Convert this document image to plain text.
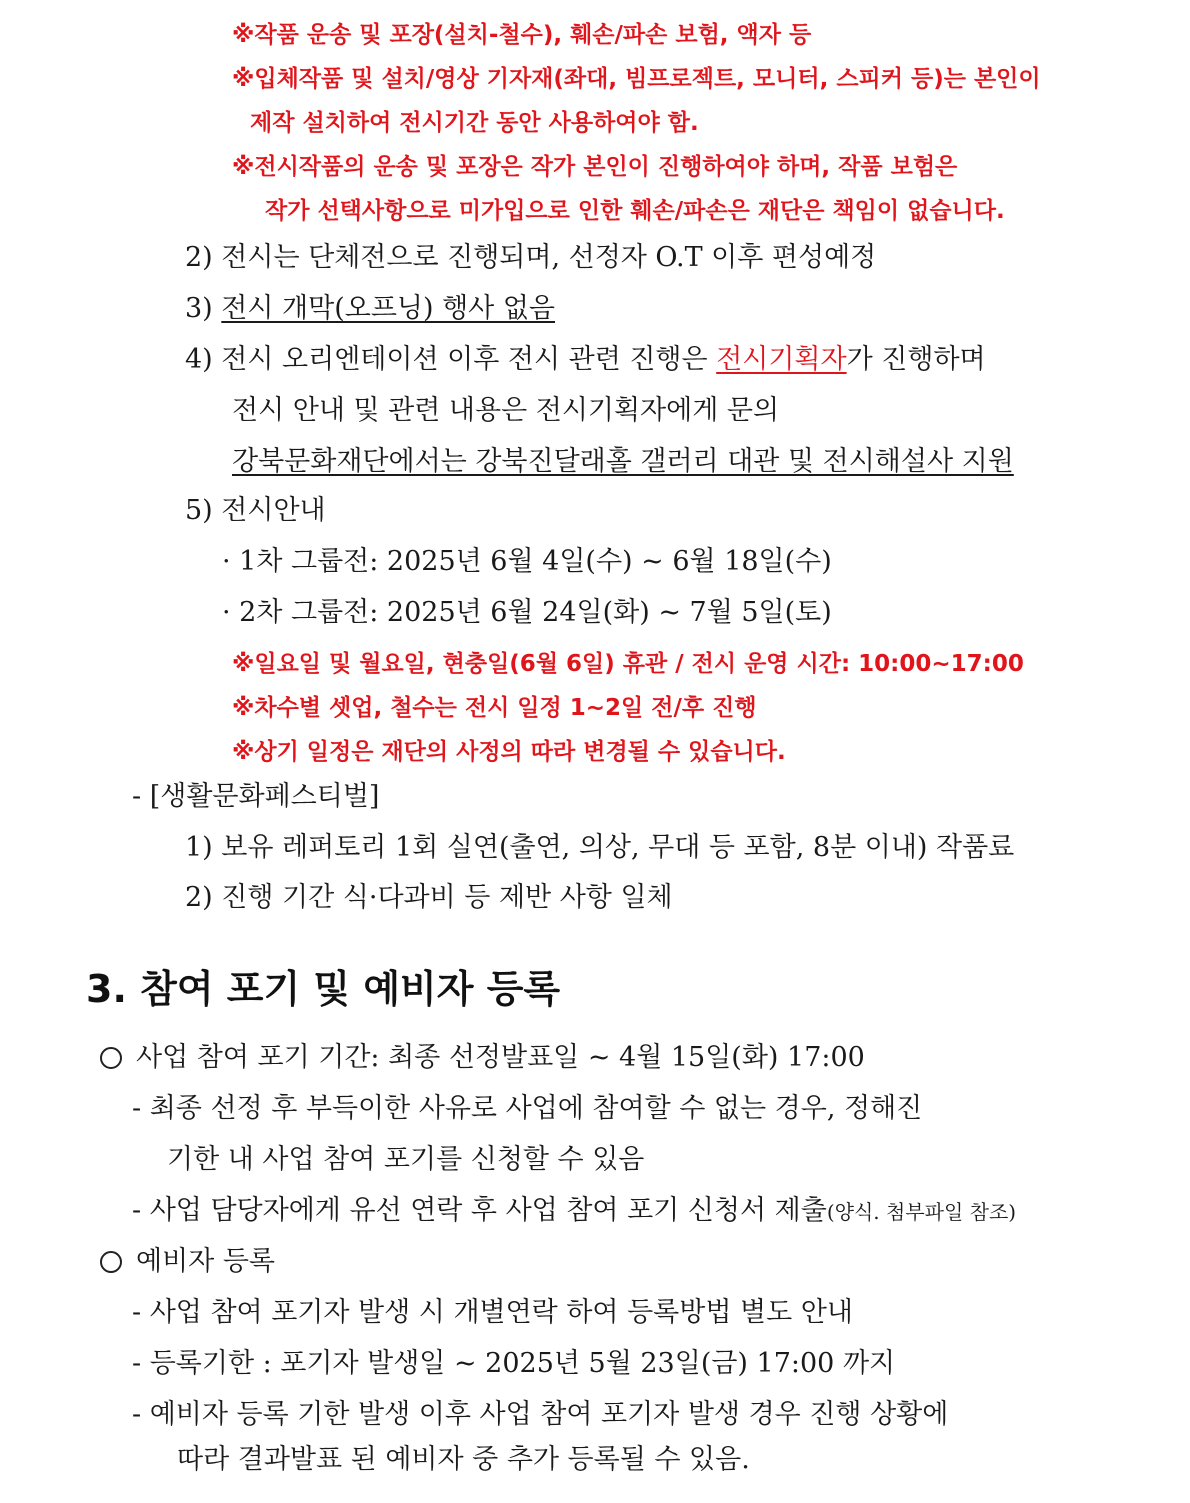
※작품 운송 및 포장(설치-철수), 훼손/파손 보험, 액자 등
※입체작품 및 설치/영상 기자재(좌대, 빔프로젝트, 모니터, 스피커 등)는 본인이
제작 설치하여 전시기간 동안 사용하여야 함.
※전시작품의 운송 및 포장은 작가 본인이 진행하여야 하며, 작품 보험은
작가 선택사항으로 미가입으로 인한 훼손/파손은 재단은 책임이 없습니다.
2) 전시는 단체전으로 진행되며, 선정자 O.T 이후 편성예정
3) 전시 개막(오프닝) 행사 없음
4) 전시 오리엔테이션 이후 전시 관련 진행은 전시기획자가 진행하며
전시 안내 및 관련 내용은 전시기획자에게 문의
강북문화재단에서는 강북진달래홀 갤러리 대관 및 전시해설사 지원
5) 전시안내
· 1차 그룹전: 2025년 6월 4일(수) ~ 6월 18일(수)
· 2차 그룹전: 2025년 6월 24일(화) ~ 7월 5일(토)
※일요일 및 월요일, 현충일(6월 6일) 휴관 / 전시 운영 시간: 10:00~17:00
※차수별 셋업, 철수는 전시 일정 1~2일 전/후 진행
※상기 일정은 재단의 사정의 따라 변경될 수 있습니다.
- [생활문화페스티벌]
1) 보유 레퍼토리 1회 실연(출연, 의상, 무대 등 포함, 8분 이내) 작품료
2) 진행 기간 식·다과비 등 제반 사항 일체
3. 참여 포기 및 예비자 등록
사업 참여 포기 기간: 최종 선정발표일 ~ 4월 15일(화) 17:00
- 최종 선정 후 부득이한 사유로 사업에 참여할 수 없는 경우, 정해진
기한 내 사업 참여 포기를 신청할 수 있음
- 사업 담당자에게 유선 연락 후 사업 참여 포기 신청서 제출(양식. 첨부파일 참조)
예비자 등록
- 사업 참여 포기자 발생 시 개별연락 하여 등록방법 별도 안내
- 등록기한 : 포기자 발생일 ~ 2025년 5월 23일(금) 17:00 까지
- 예비자 등록 기한 발생 이후 사업 참여 포기자 발생 경우 진행 상황에
따라 결과발표 된 예비자 중 추가 등록될 수 있음.
